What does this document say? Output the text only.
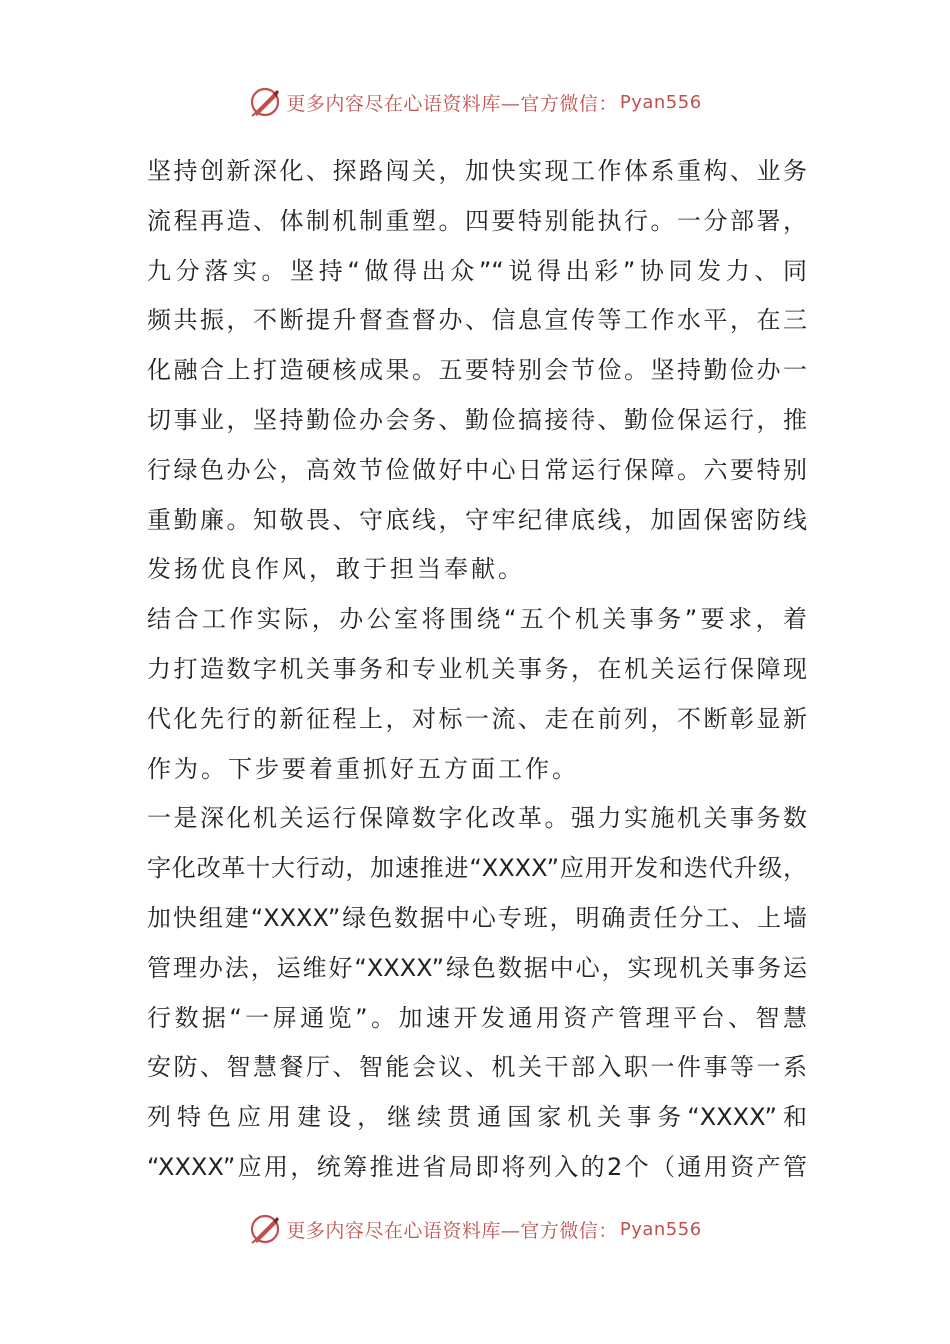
更多内容尽在心语资料库—官方微信： Pyan556
坚持创新深化、探路闯关，加快实现工作体系重构、业务
流程再造、体制机制重塑。四要特别能执行。一分部署，
九分落实。坚持“做得出众”“说得出彩”协同发力、同
频共振，不断提升督查督办、信息宣传等工作水平，在三
化融合上打造硬核成果。五要特别会节俭。坚持勤俭办一
切事业，坚持勤俭办会务、勤俭搞接待、勤俭保运行，推
行绿色办公，高效节俭做好中心日常运行保障。六要特别
重勤廉。知敬畏、守底线，守牢纪律底线，加固保密防线
发扬优良作风，敢于担当奉献。
结合工作实际，办公室将围绕“五个机关事务”要求，着
力打造数字机关事务和专业机关事务，在机关运行保障现
代化先行的新征程上，对标一流、走在前列，不断彰显新
作为。下步要着重抓好五方面工作。
一是深化机关运行保障数字化改革。强力实施机关事务数
字化改革十大行动，加速推进“XXXX”应用开发和迭代升级，
加快组建“XXXX”绿色数据中心专班，明确责任分工、上墙
管理办法，运维好“XXXX”绿色数据中心，实现机关事务运
行数据“一屏通览”。加速开发通用资产管理平台、智慧
安防、智慧餐厅、智能会议、机关干部入职一件事等一系
列特色应用建设，继续贯通国家机关事务“XXXX”和
“XXXX”应用，统筹推进省局即将列入的2个（通用资产管
更多内容尽在心语资料库—官方微信： Pyan556
